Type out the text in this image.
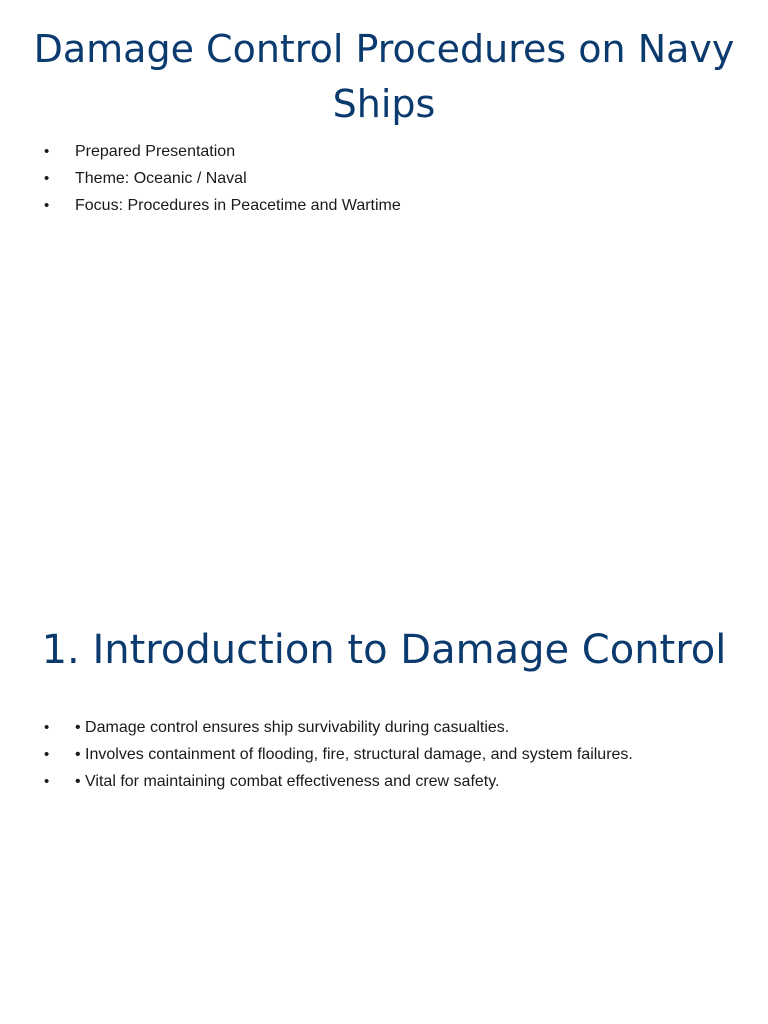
Damage Control Procedures on Navy Ships
•	Prepared Presentation
•	Theme: Oceanic / Naval
•	Focus: Procedures in Peacetime and Wartime
1. Introduction to Damage Control
•	• Damage control ensures ship survivability during casualties.
•	• Involves containment of flooding, fire, structural damage, and system failures.
•	• Vital for maintaining combat effectiveness and crew safety.
